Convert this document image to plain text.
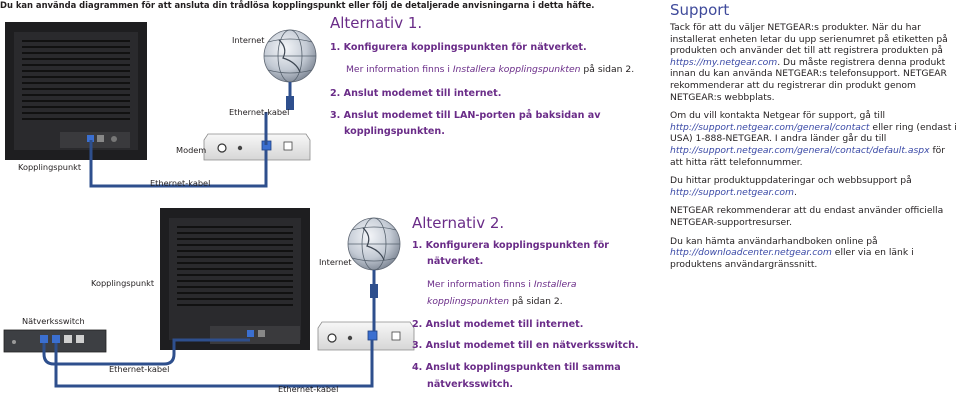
Du kan använda diagrammen för att ansluta din trådlösa kopplingspunkt eller följ de detaljerade anvisningarna i detta häfte.
Internet
Ethernet-kabel
Modem
Kopplingspunkt
Ethernet-kabel
Internet
Kopplingspunkt
Nätverksswitch
Ethernet-kabel
Ethernet-kabel
Alternativ 1.
1. Konfigurera kopplingspunkten för nätverket.
Mer information finns i Installera kopplingspunkten på sidan 2.
2. Anslut modemet till internet.
3. Anslut modemet till LAN-porten på baksidan av
kopplingspunkten.
Alternativ 2.
1. Konfigurera kopplingspunkten för
nätverket.
Mer information finns i Installera
kopplingspunkten på sidan 2.
2. Anslut modemet till internet.
3. Anslut modemet till en nätverksswitch.
4. Anslut kopplingspunkten till samma
nätverksswitch.
Support

Tack för att du väljer NETGEAR:s produkter. När du har installerat enheten letar du upp serienumret på etiketten på produkten och använder det till att registrera produkten på https://my.netgear.com. Du måste registrera denna produkt innan du kan använda NETGEAR:s telefonsupport. NETGEAR rekommenderar att du registrerar din produkt genom NETGEAR:s webbplats.

Om du vill kontakta Netgear för support, gå till http://support.netgear.com/general/contact eller ring (endast i USA) 1-888-NETGEAR. I andra länder går du till http://support.netgear.com/general/contact/default.aspx för att hitta rätt telefonnummer.

Du hittar produktuppdateringar och webbsupport på http://support.netgear.com.

NETGEAR rekommenderar att du endast använder officiella NETGEAR-supportresurser.

Du kan hämta användarhandboken online på http://downloadcenter.netgear.com eller via en länk i produktens användargränssnitt.
